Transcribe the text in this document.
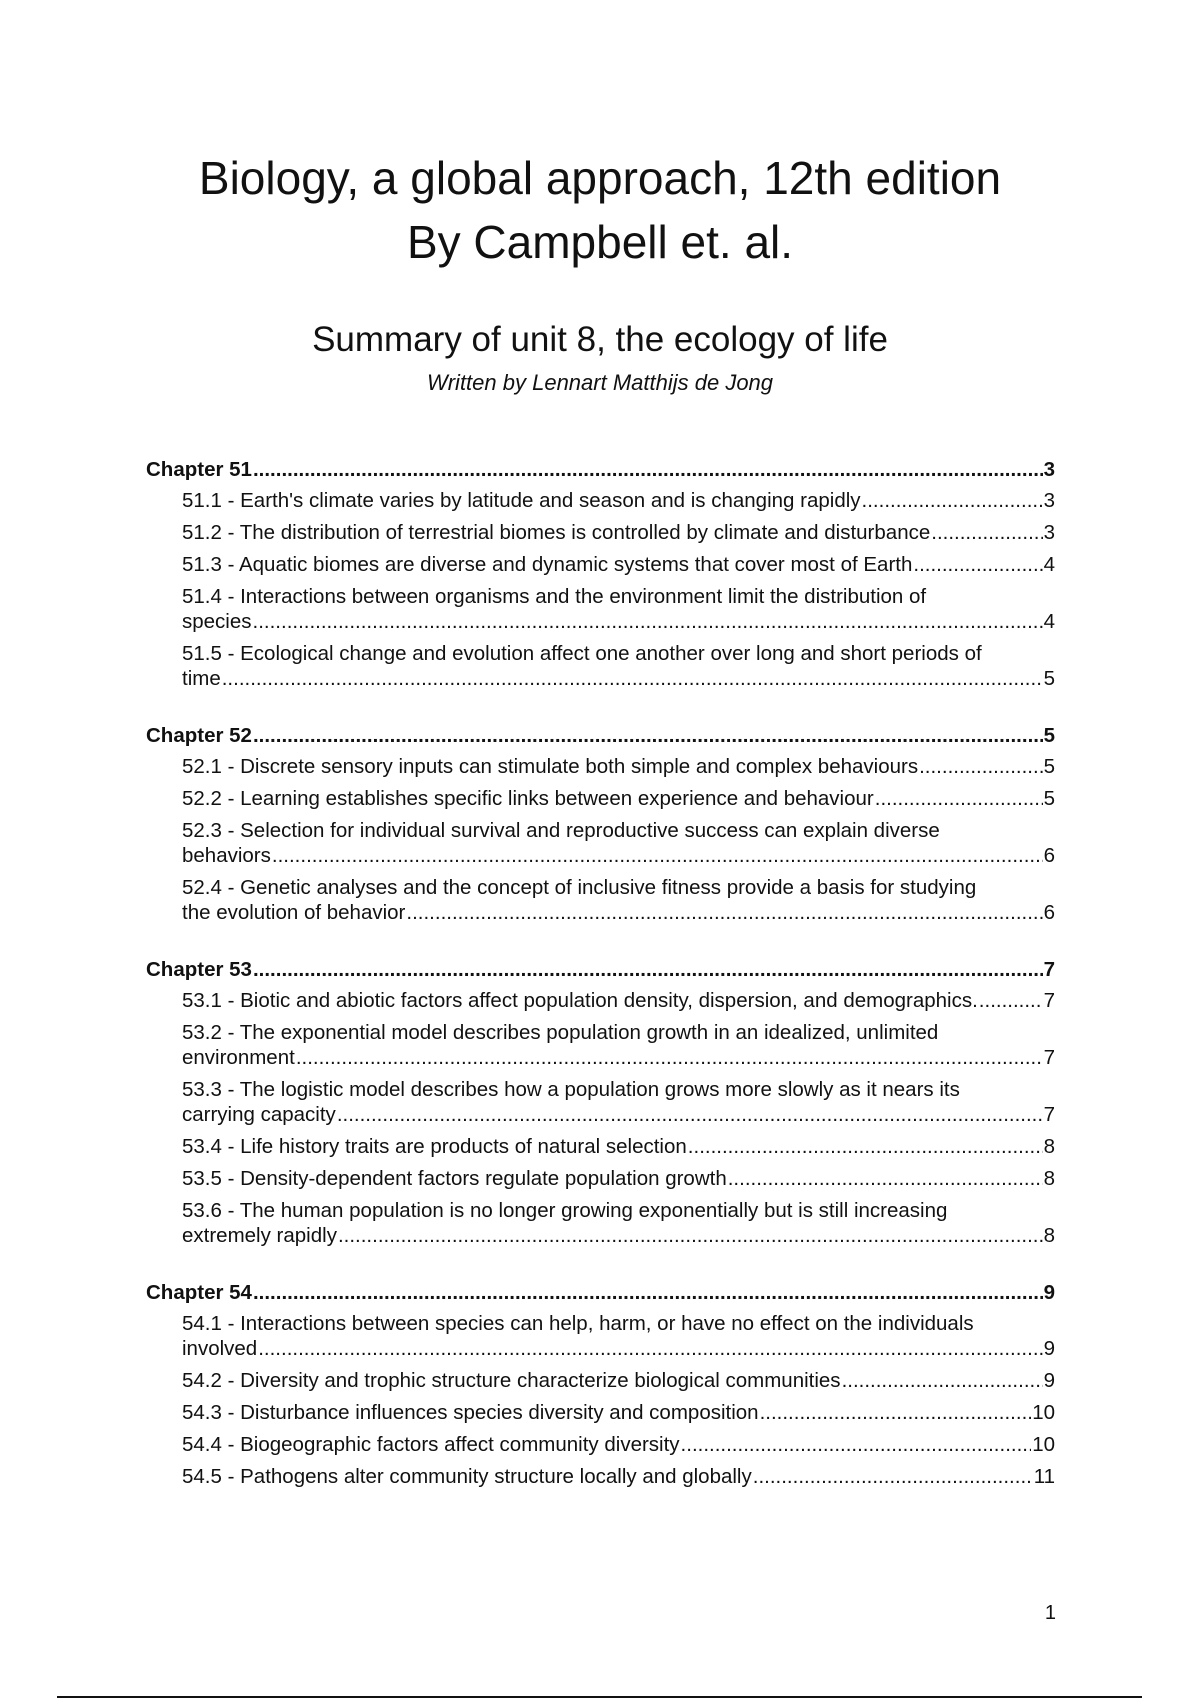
Biology, a global approach, 12th edition
By Campbell et. al.
Summary of unit 8, the ecology of life
Written by Lennart Matthijs de Jong
Chapter 51 .....	3
51.1 - Earth's climate varies by latitude and season and is changing rapidly .....	3
51.2 - The distribution of terrestrial biomes is controlled by climate and disturbance .....	3
51.3 - Aquatic biomes are diverse and dynamic systems that cover most of Earth .....	4
51.4 - Interactions between organisms and the environment limit the distribution of
species .....	4
51.5 - Ecological change and evolution affect one another over long and short periods of
time .....	5
Chapter 52 .....	5
52.1 - Discrete sensory inputs can stimulate both simple and complex behaviours .....	5
52.2 - Learning establishes specific links between experience and behaviour .....	5
52.3 - Selection for individual survival and reproductive success can explain diverse
behaviors .....	6
52.4 - Genetic analyses and the concept of inclusive fitness provide a basis for studying
the evolution of behavior .....	6
Chapter 53 .....	7
53.1 - Biotic and abiotic factors affect population density, dispersion, and demographics. .....	7
53.2 - The exponential model describes population growth in an idealized, unlimited
environment .....	7
53.3 - The logistic model describes how a population grows more slowly as it nears its
carrying capacity .....	7
53.4 - Life history traits are products of natural selection .....	8
53.5 - Density-dependent factors regulate population growth .....	8
53.6 - The human population is no longer growing exponentially but is still increasing
extremely rapidly .....	8
Chapter 54 .....	9
54.1 - Interactions between species can help, harm, or have no effect on the individuals
involved .....	9
54.2 - Diversity and trophic structure characterize biological communities .....	9
54.3 - Disturbance influences species diversity and composition .....	10
54.4 - Biogeographic factors affect community diversity .....	10
54.5 - Pathogens alter community structure locally and globally .....	11
1
